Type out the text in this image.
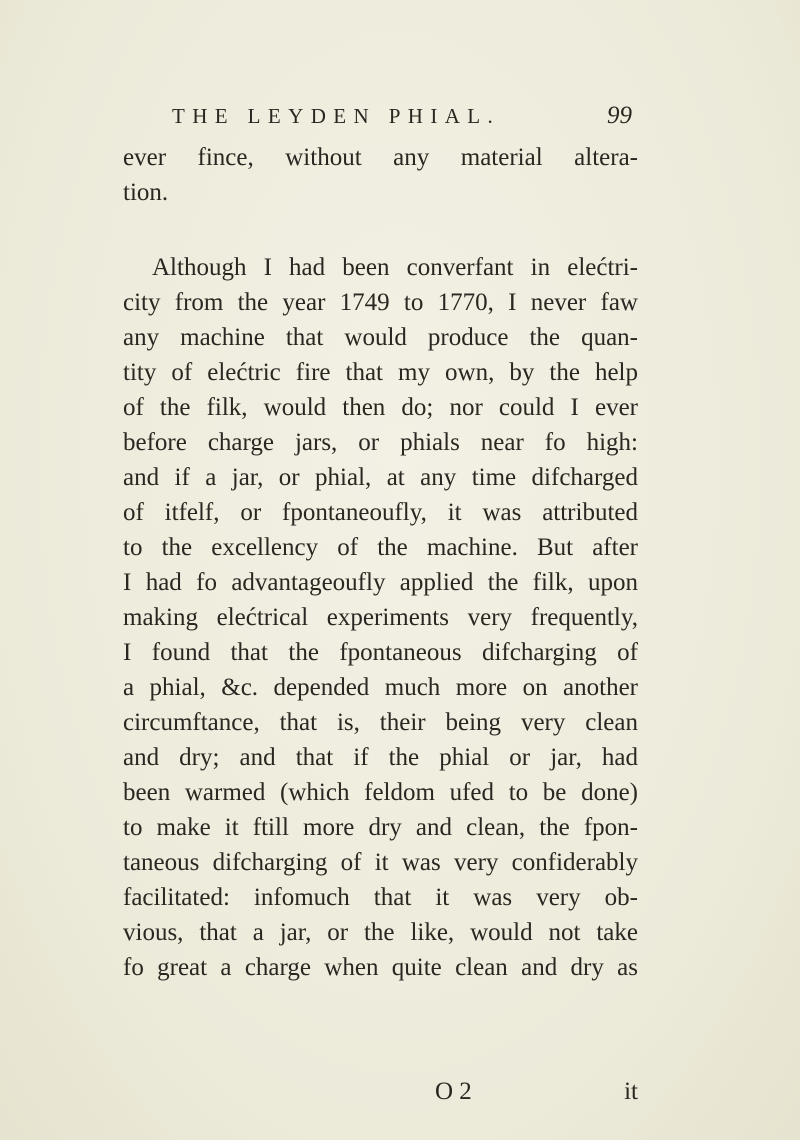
THE LEYDEN PHIAL.	99
ever fince, without any material altera-
tion.
Although I had been converfant in elećtri-
city from the year 1749 to 1770, I never faw
any machine that would produce the quan-
tity of elećtric fire that my own, by the help
of the filk, would then do; nor could I ever
before charge jars, or phials near fo high:
and if a jar, or phial, at any time difcharged
of itfelf, or fpontaneoufly, it was attributed
to the excellency of the machine. But after
I had fo advantageoufly applied the filk, upon
making elećtrical experiments very frequently,
I found that the fpontaneous difcharging of
a phial, &c. depended much more on another
circumftance, that is, their being very clean
and dry; and that if the phial or jar, had
been warmed (which feldom ufed to be done)
to make it ftill more dry and clean, the fpon-
taneous difcharging of it was very confiderably
facilitated: infomuch that it was very ob-
vious, that a jar, or the like, would not take
fo great a charge when quite clean and dry as
O 2	it
